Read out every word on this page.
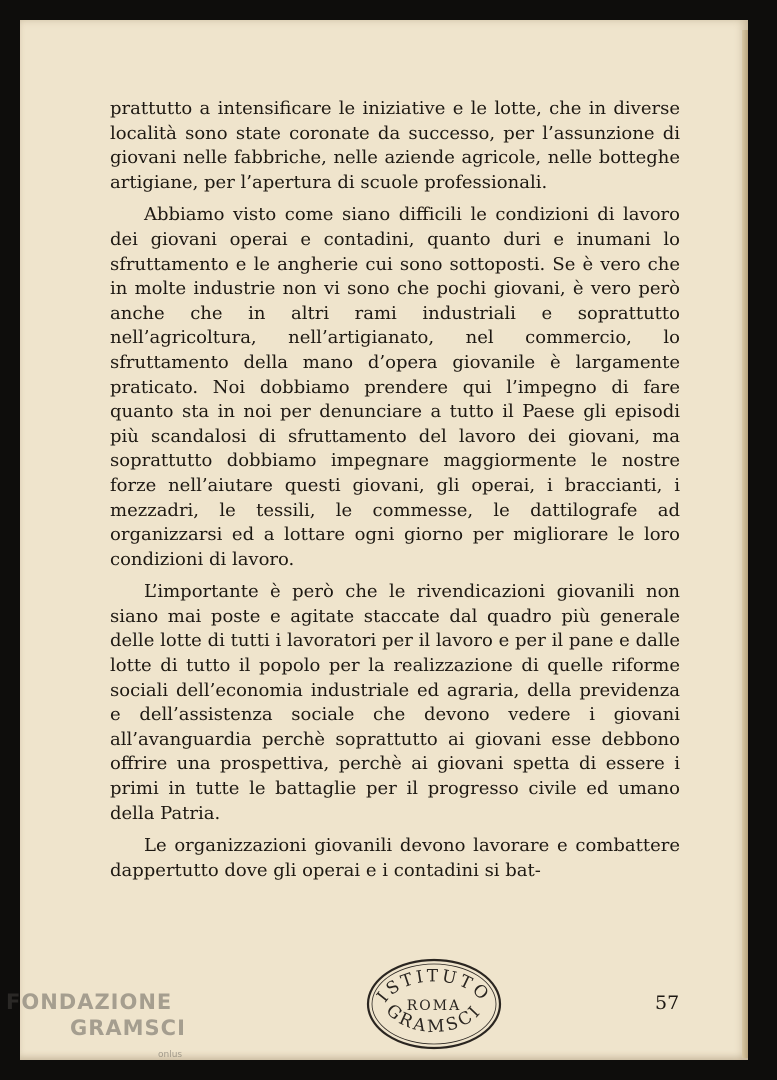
prattutto a intensificare le iniziative e le lotte, che in diverse località sono state coronate da successo, per l’assunzione di giovani nelle fabbriche, nelle aziende agricole, nelle botteghe artigiane, per l’apertura di scuole professionali.

Abbiamo visto come siano difficili le condizioni di lavoro dei giovani operai e contadini, quanto duri e inumani lo sfruttamento e le angherie cui sono sottoposti. Se è vero che in molte industrie non vi sono che pochi giovani, è vero però anche che in altri rami industriali e soprattutto nell’agricoltura, nell’artigianato, nel commercio, lo sfruttamento della mano d’opera giovanile è largamente praticato. Noi dobbiamo prendere qui l’impegno di fare quanto sta in noi per denunciare a tutto il Paese gli episodi più scandalosi di sfruttamento del lavoro dei giovani, ma soprattutto dobbiamo impegnare maggiormente le nostre forze nell’aiutare questi giovani, gli operai, i braccianti, i mezzadri, le tessili, le commesse, le dattilografe ad organizzarsi ed a lottare ogni giorno per migliorare le loro condizioni di lavoro.

L’importante è però che le rivendicazioni giovanili non siano mai poste e agitate staccate dal quadro più generale delle lotte di tutti i lavoratori per il lavoro e per il pane e dalle lotte di tutto il popolo per la realizzazione di quelle riforme sociali dell’economia industriale ed agraria, della previdenza e dell’assistenza sociale che devono vedere i giovani all’avanguardia perchè soprattutto ai giovani esse debbono offrire una prospettiva, perchè ai giovani spetta di essere i primi in tutte le battaglie per il progresso civile ed umano della Patria.

Le organizzazioni giovanili devono lavorare e combattere dappertutto dove gli operai e i contadini si bat-

57
ISTITUTO
ROMA
GRAMSCI
FONDAZIONE
GRAMSCI
onlus
